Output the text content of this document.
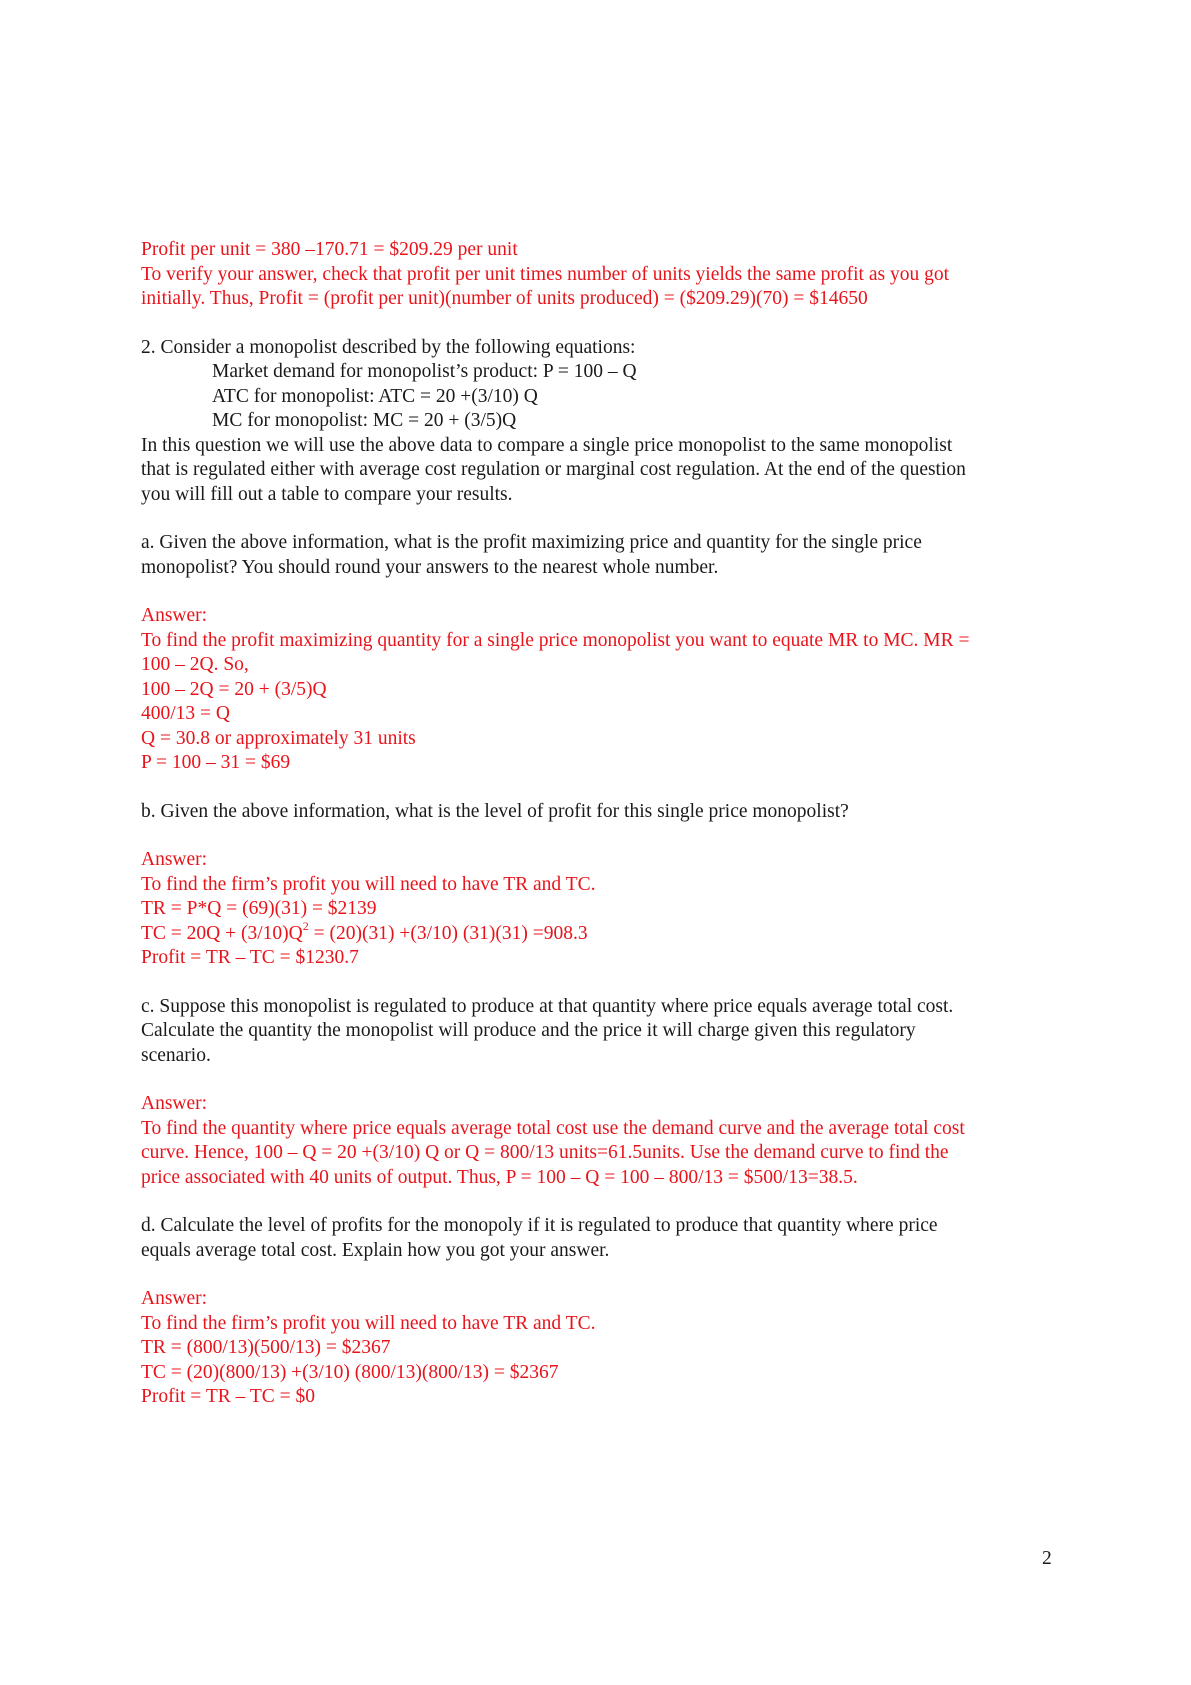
Profit per unit = 380 –170.71 = $209.29 per unit
To verify your answer, check that profit per unit times number of units yields the same profit as you got
initially. Thus, Profit = (profit per unit)(number of units produced) = ($209.29)(70) = $14650
2. Consider a monopolist described by the following equations:
Market demand for monopolist’s product: P = 100 – Q
ATC for monopolist: ATC = 20 +(3/10) Q
MC for monopolist: MC = 20 + (3/5)Q
In this question we will use the above data to compare a single price monopolist to the same monopolist
that is regulated either with average cost regulation or marginal cost regulation. At the end of the question
you will fill out a table to compare your results.
a. Given the above information, what is the profit maximizing price and quantity for the single price
monopolist? You should round your answers to the nearest whole number.
Answer:
To find the profit maximizing quantity for a single price monopolist you want to equate MR to MC. MR =
100 – 2Q. So,
100 – 2Q = 20 + (3/5)Q
400/13 = Q
Q = 30.8 or approximately 31 units
P = 100 – 31 = $69
b. Given the above information, what is the level of profit for this single price monopolist?
Answer:
To find the firm’s profit you will need to have TR and TC.
TR = P*Q = (69)(31) = $2139
TC = $20Q + (3/10)Q^2 = (20)(31) +(3/10)$ (31)(31) =908.3
Profit = TR – TC = $1230.7
c. Suppose this monopolist is regulated to produce at that quantity where price equals average total cost.
Calculate the quantity the monopolist will produce and the price it will charge given this regulatory
scenario.
Answer:
To find the quantity where price equals average total cost use the demand curve and the average total cost
curve. Hence, 100 – Q = 20 +(3/10) Q or Q = 800/13 units=61.5units. Use the demand curve to find the
price associated with 40 units of output. Thus, P = 100 – Q = 100 – 800/13 = $500/13=38.5.
d. Calculate the level of profits for the monopoly if it is regulated to produce that quantity where price
equals average total cost. Explain how you got your answer.
Answer:
To find the firm’s profit you will need to have TR and TC.
TR = (800/13)(500/13) = $2367
TC = (20)(800/13) +(3/10) (800/13)(800/13) = $2367
Profit = TR – TC = $0
2
